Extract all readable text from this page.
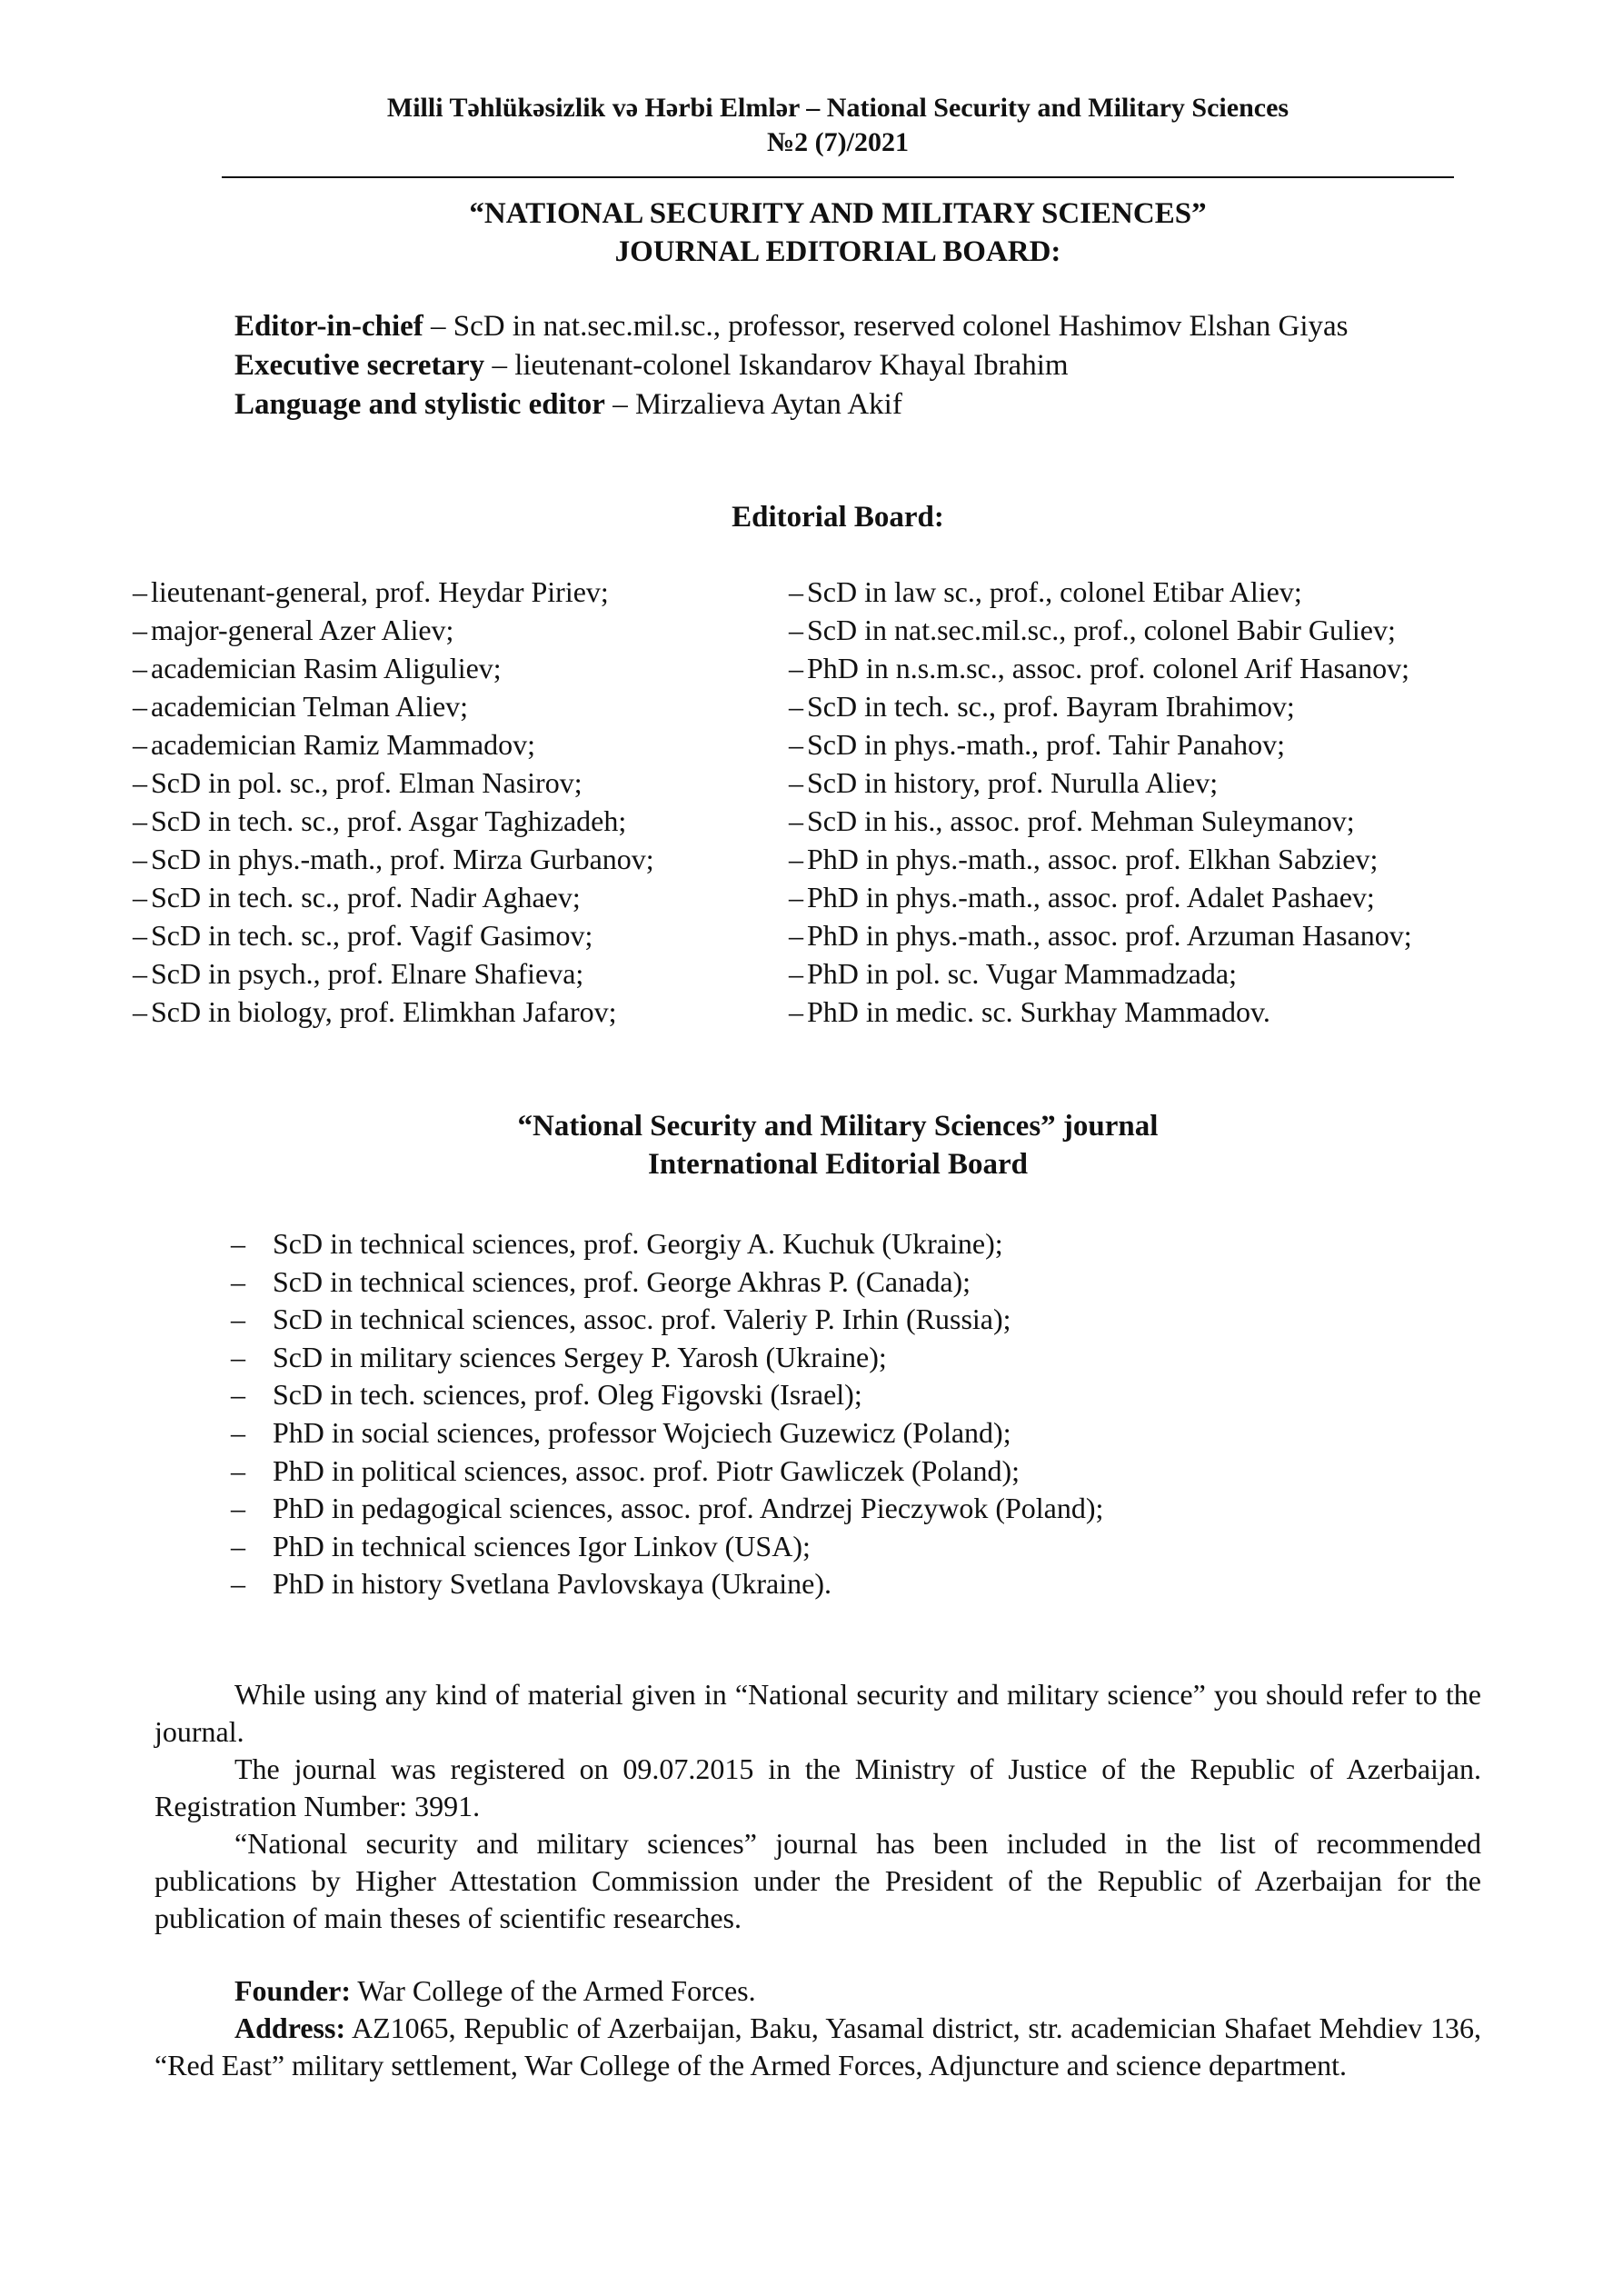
Milli Təhlükəsizlik və Hərbi Elmlər – National Security and Military Sciences
№2 (7)/2021
“NATIONAL SECURITY AND MILITARY SCIENCES”
JOURNAL EDITORIAL BOARD:
Editor-in-chief – ScD in nat.sec.mil.sc., professor, reserved colonel Hashimov Elshan Giyas
Executive secretary – lieutenant-colonel Iskandarov Khayal Ibrahim
Language and stylistic editor – Mirzalieva Aytan Akif
Editorial Board:
– lieutenant-general, prof. Heydar Piriev;
– major-general Azer Aliev;
– academician Rasim Aliguliev;
– academician Telman Aliev;
– academician Ramiz Mammadov;
– ScD in pol. sc., prof. Elman Nasirov;
– ScD in tech. sc., prof. Asgar Taghizadeh;
– ScD in phys.-math., prof. Mirza Gurbanov;
– ScD in tech. sc., prof. Nadir Aghaev;
– ScD in tech. sc., prof. Vagif Gasimov;
– ScD in psych., prof. Elnare Shafieva;
– ScD in biology, prof. Elimkhan Jafarov;
– ScD in law sc., prof., colonel Etibar Aliev;
– ScD in nat.sec.mil.sc., prof., colonel Babir Guliev;
– PhD in n.s.m.sc., assoc. prof. colonel Arif Hasanov;
– ScD in tech. sc., prof. Bayram Ibrahimov;
– ScD in phys.-math., prof. Tahir Panahov;
– ScD in history, prof. Nurulla Aliev;
– ScD in his., assoc. prof. Mehman Suleymanov;
– PhD in phys.-math., assoc. prof. Elkhan Sabziev;
– PhD in phys.-math., assoc. prof. Adalet Pashaev;
– PhD in phys.-math., assoc. prof. Arzuman Hasanov;
– PhD in pol. sc. Vugar Mammadzada;
– PhD in medic. sc. Surkhay Mammadov.
“National Security and Military Sciences” journal
International Editorial Board
– ScD in technical sciences, prof. Georgiy A. Kuchuk (Ukraine);
– ScD in technical sciences, prof. George Akhras P. (Canada);
– ScD in technical sciences, assoc. prof. Valeriy P. Irhin (Russia);
– ScD in military sciences Sergey P. Yarosh (Ukraine);
– ScD in tech. sciences, prof. Oleg Figovski (Israel);
– PhD in social sciences, professor Wojciech Guzewicz (Poland);
– PhD in political sciences, assoc. prof. Piotr Gawliczek (Poland);
– PhD in pedagogical sciences, assoc. prof. Andrzej Pieczywok (Poland);
– PhD in technical sciences Igor Linkov (USA);
– PhD in history Svetlana Pavlovskaya (Ukraine).

While using any kind of material given in “National security and military science” you should refer to the journal.

The journal was registered on 09.07.2015 in the Ministry of Justice of the Republic of Azerbaijan. Registration Number: 3991.

“National security and military sciences” journal has been included in the list of recommended publications by Higher Attestation Commission under the President of the Republic of Azerbaijan for the publication of main theses of scientific researches.

Founder: War College of the Armed Forces.

Address: AZ1065, Republic of Azerbaijan, Baku, Yasamal district, str. academician Shafaet Mehdiev 136, “Red East” military settlement, War College of the Armed Forces, Adjuncture and science department.
